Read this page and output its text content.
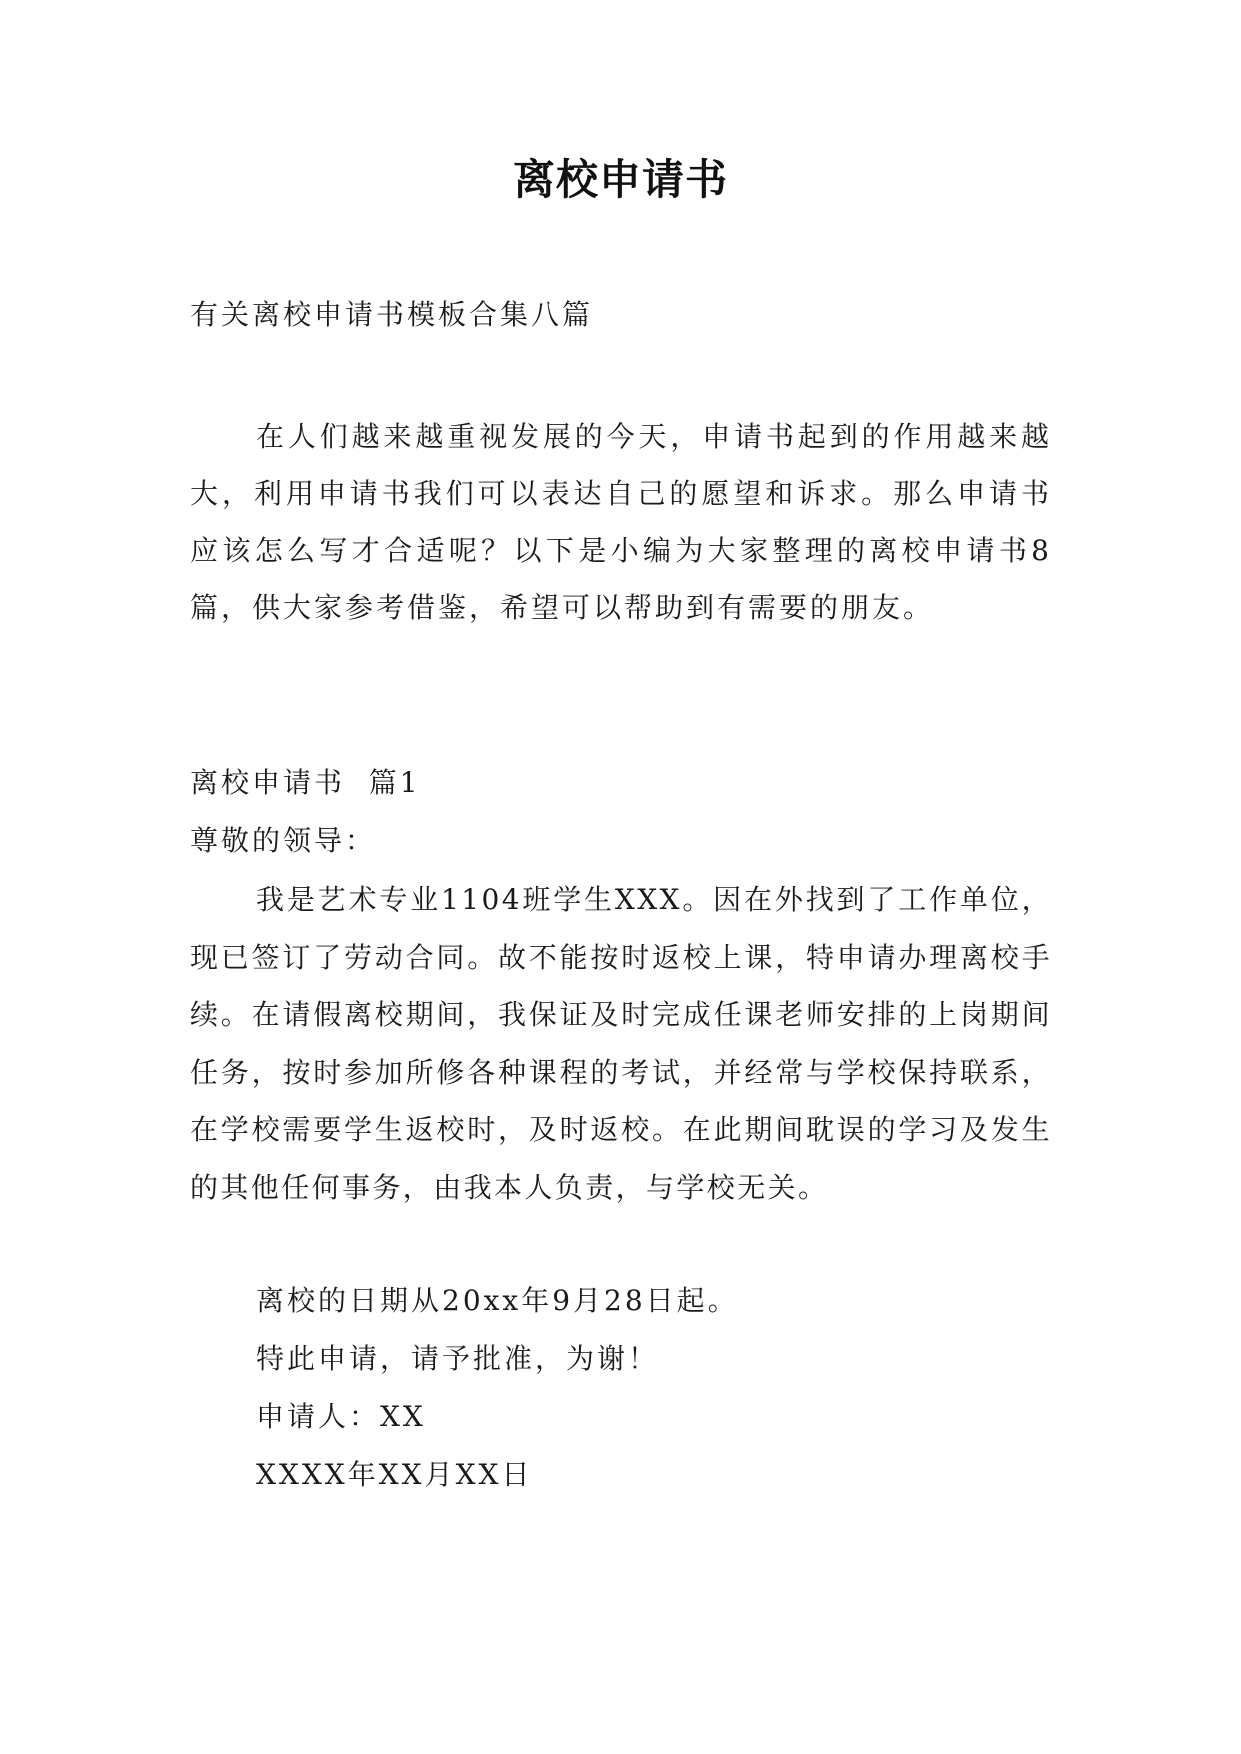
离校申请书
有关离校申请书模板合集八篇

在人们越来越重视发展的今天，申请书起到的作用越来越大，利用申请书我们可以表达自己的愿望和诉求。那么申请书应该怎么写才合适呢？以下是小编为大家整理的离校申请书8篇，供大家参考借鉴，希望可以帮助到有需要的朋友。

离校申请书  篇1
尊敬的领导：

我是艺术专业1104班学生XXX。因在外找到了工作单位，现已签订了劳动合同。故不能按时返校上课，特申请办理离校手续。在请假离校期间，我保证及时完成任课老师安排的上岗期间任务，按时参加所修各种课程的考试，并经常与学校保持联系，在学校需要学生返校时，及时返校。在此期间耽误的学习及发生的其他任何事务，由我本人负责，与学校无关。

离校的日期从20xx年9月28日起。
特此申请，请予批准，为谢！
申请人：XX
XXXX年XX月XX日
